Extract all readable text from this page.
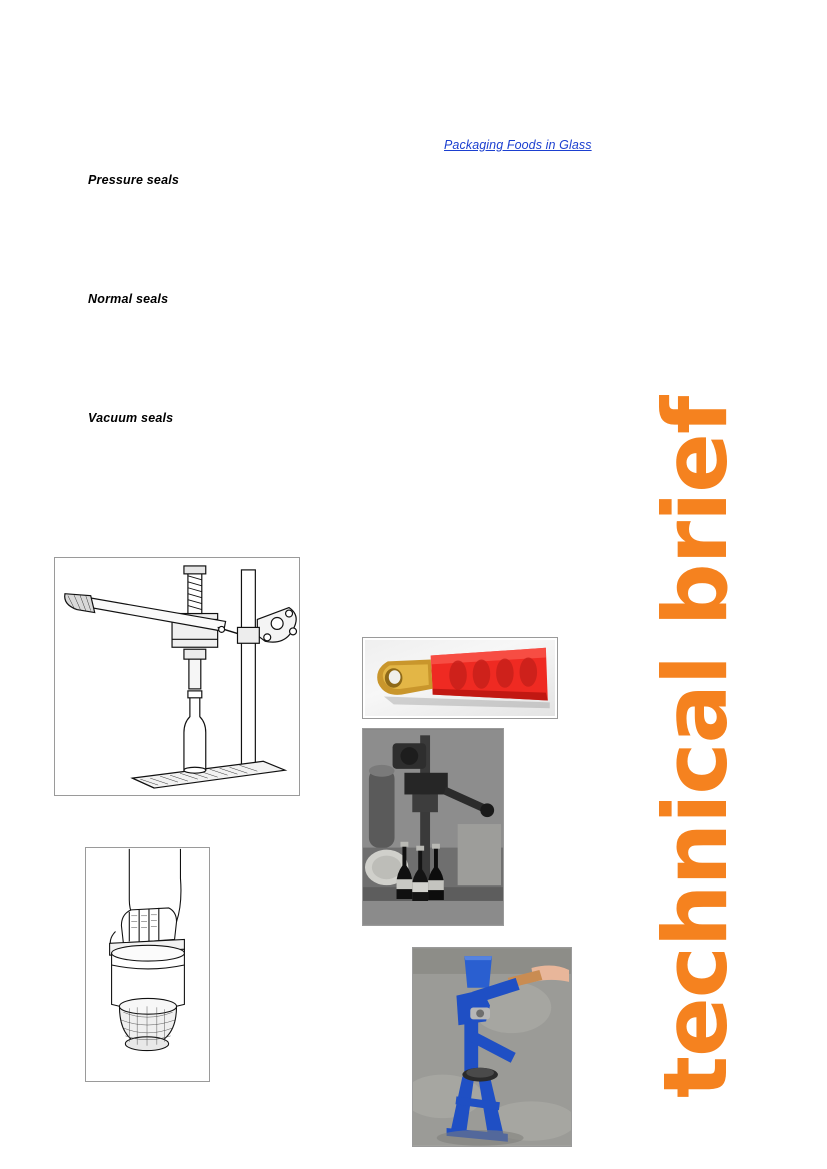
Packaging Foods in Glass
Pressure seals
Normal seals
Vacuum seals	technical brief
